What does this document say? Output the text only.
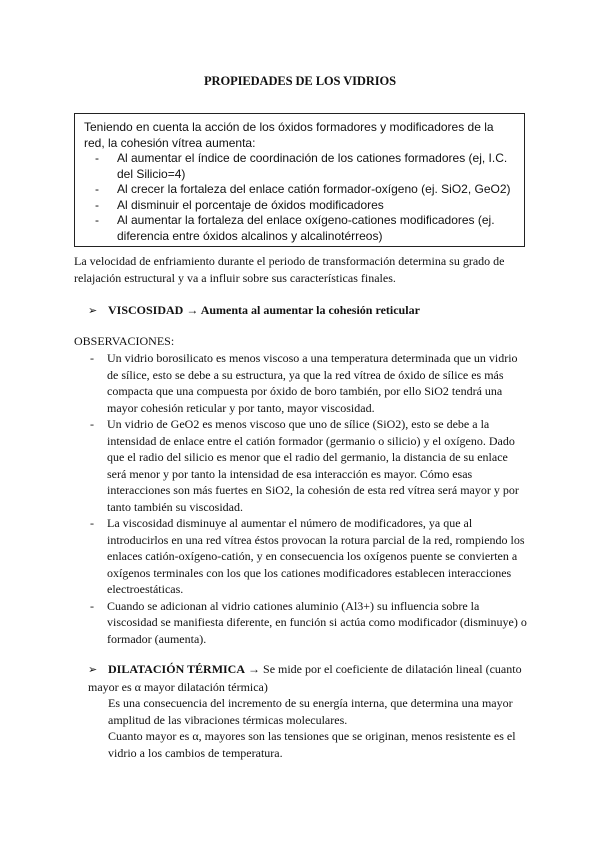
PROPIEDADES DE LOS VIDRIOS

Teniendo en cuenta la acción de los óxidos formadores y modificadores de la red, la cohesión vítrea aumenta:

- Al aumentar el índice de coordinación de los cationes formadores (ej, I.C. del Silicio=4)
- Al crecer la fortaleza del enlace catión formador-oxígeno (ej. SiO2, GeO2)
- Al disminuir el porcentaje de óxidos modificadores
- Al aumentar la fortaleza del enlace oxígeno-cationes modificadores (ej. diferencia entre óxidos alcalinos y alcalinotérreos)

La velocidad de enfriamiento durante el periodo de transformación determina su grado de relajación estructural y va a influir sobre sus características finales.

➢ VISCOSIDAD → Aumenta al aumentar la cohesión reticular
OBSERVACIONES:
- Un vidrio borosilicato es menos viscoso a una temperatura determinada que un vidrio de sílice, esto se debe a su estructura, ya que la red vítrea de óxido de sílice es más compacta que una compuesta por óxido de boro también, por ello SiO2 tendrá una mayor cohesión reticular y por tanto, mayor viscosidad.
- Un vidrio de GeO2 es menos viscoso que uno de sílice (SiO2), esto se debe a la intensidad de enlace entre el catión formador (germanio o silicio) y el oxígeno. Dado que el radio del silicio es menor que el radio del germanio, la distancia de su enlace será menor y por tanto la intensidad de esa interacción es mayor. Cómo esas interacciones son más fuertes en SiO2, la cohesión de esta red vítrea será mayor y por tanto también su viscosidad.
- La viscosidad disminuye al aumentar el número de modificadores, ya que al introducirlos en una red vítrea éstos provocan la rotura parcial de la red, rompiendo los enlaces catión-oxígeno-catión, y en consecuencia los oxígenos puente se convierten a oxígenos terminales con los que los cationes modificadores establecen interacciones electroestáticas.
- Cuando se adicionan al vidrio cationes aluminio (Al3+) su influencia sobre la viscosidad se manifiesta diferente, en función si actúa como modificador (disminuye) o formador (aumenta).

➢ DILATACIÓN TÉRMICA → Se mide por el coeficiente de dilatación lineal (cuanto mayor es α mayor dilatación térmica)

Es una consecuencia del incremento de su energía interna, que determina una mayor amplitud de las vibraciones térmicas moleculares.

Cuanto mayor es α, mayores son las tensiones que se originan, menos resistente es el vidrio a los cambios de temperatura.
